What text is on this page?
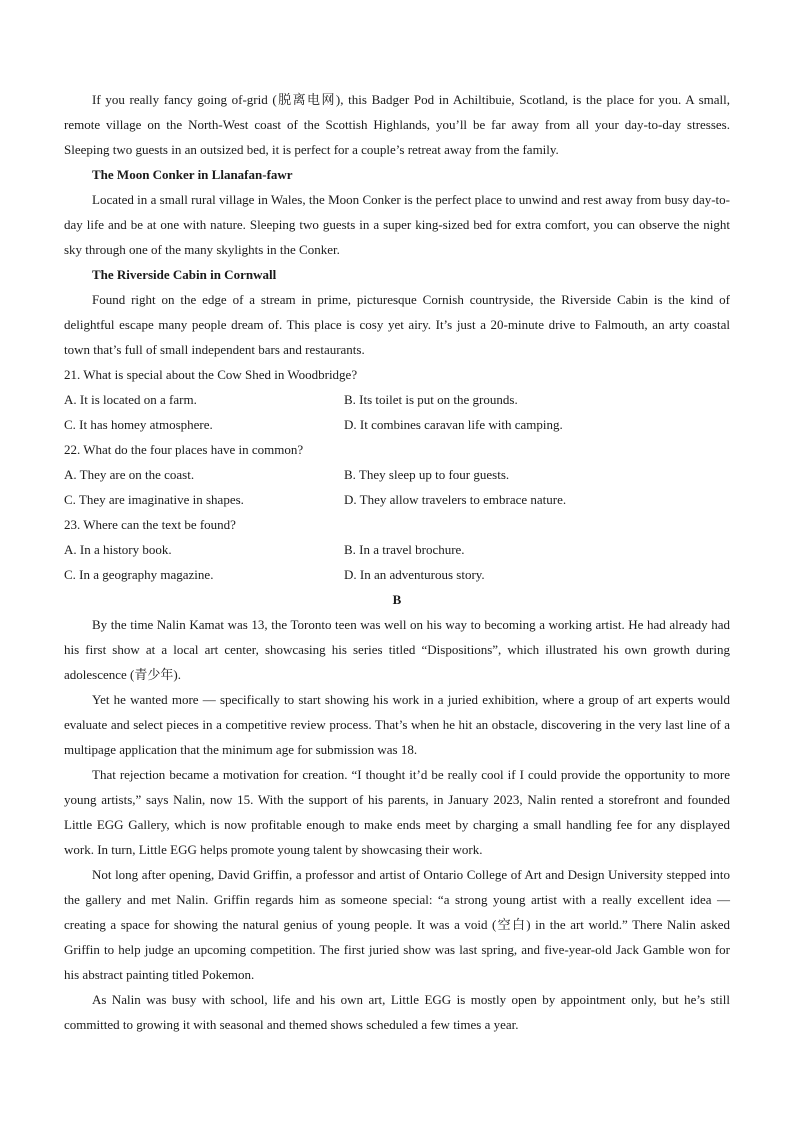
If you really fancy going of-grid (脱离电网), this Badger Pod in Achiltibuie, Scotland, is the place for you. A small, remote village on the North-West coast of the Scottish Highlands, you’ll be far away from all your day-to-day stresses. Sleeping two guests in an outsized bed, it is perfect for a couple’s retreat away from the family.

The Moon Conker in Llanafan-fawr

Located in a small rural village in Wales, the Moon Conker is the perfect place to unwind and rest away from busy day-to-day life and be at one with nature. Sleeping two guests in a super king-sized bed for extra comfort, you can observe the night sky through one of the many skylights in the Conker.

The Riverside Cabin in Cornwall

Found right on the edge of a stream in prime, picturesque Cornish countryside, the Riverside Cabin is the kind of delightful escape many people dream of. This place is cosy yet airy. It’s just a 20-minute drive to Falmouth, an arty coastal town that’s full of small independent bars and restaurants.

21. What is special about the Cow Shed in Woodbridge?

A. It is located on a farm.	B. Its toilet is put on the grounds.
C. It has homey atmosphere.	D. It combines caravan life with camping.

22. What do the four places have in common?

A. They are on the coast.	B. They sleep up to four guests.
C. They are imaginative in shapes.	D. They allow travelers to embrace nature.

23. Where can the text be found?

A. In a history book.	B. In a travel brochure.
C. In a geography magazine.	D. In an adventurous story.

B

By the time Nalin Kamat was 13, the Toronto teen was well on his way to becoming a working artist. He had already had his first show at a local art center, showcasing his series titled “Dispositions”, which illustrated his own growth during adolescence (青少年).

Yet he wanted more — specifically to start showing his work in a juried exhibition, where a group of art experts would evaluate and select pieces in a competitive review process. That’s when he hit an obstacle, discovering in the very last line of a multipage application that the minimum age for submission was 18.

That rejection became a motivation for creation. “I thought it’d be really cool if I could provide the opportunity to more young artists,” says Nalin, now 15. With the support of his parents, in January 2023, Nalin rented a storefront and founded Little EGG Gallery, which is now profitable enough to make ends meet by charging a small handling fee for any displayed work. In turn, Little EGG helps promote young talent by showcasing their work.

Not long after opening, David Griffin, a professor and artist of Ontario College of Art and Design University stepped into the gallery and met Nalin. Griffin regards him as someone special: “a strong young artist with a really excellent idea — creating a space for showing the natural genius of young people. It was a void (空白) in the art world.” There Nalin asked Griffin to help judge an upcoming competition. The first juried show was last spring, and five-year-old Jack Gamble won for his abstract painting titled Pokemon.

As Nalin was busy with school, life and his own art, Little EGG is mostly open by appointment only, but he’s still committed to growing it with seasonal and themed shows scheduled a few times a year.
